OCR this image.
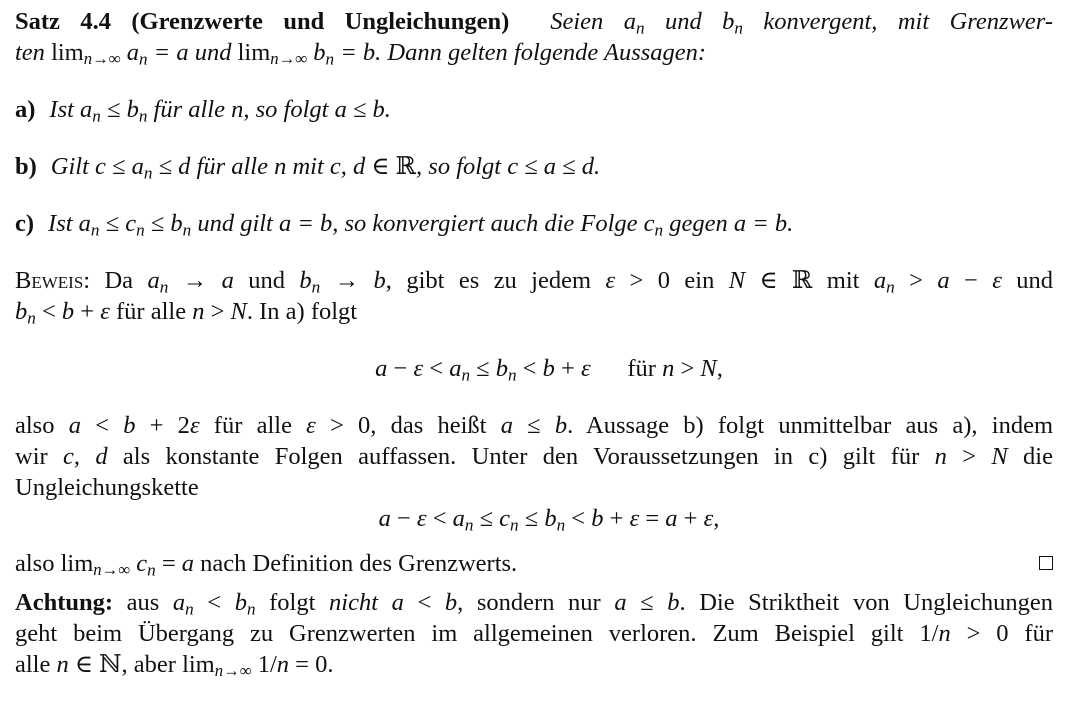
Satz 4.4 (Grenzwerte und Ungleichungen) Seien $a_n$ und $b_n$ konvergent, mit Grenzwer-
ten $\lim_{n\to\infty} a_n = a$ und $\lim_{n\to\infty} b_n = b$. Dann gelten folgende Aussagen:
a) Ist $a_n \le b_n$ für alle n, so folgt a ≤ b.
b) Gilt $c \le a_n \le d$ für alle n mit c, d ∈ ℝ, so folgt c ≤ a ≤ d.
c) Ist $a_n \le c_n \le b_n$ und gilt a = b, so konvergiert auch die Folge $c_n$ gegen a = b.
Beweis: Da $a_n \to a$ und $b_n \to b$, gibt es zu jedem ε > 0 ein N ∈ ℝ mit $a_n > a - \varepsilon$ und
$b_n < b + \varepsilon$ für alle n > N. In a) folgt
$a - \varepsilon < a_n \le b_n < b + \varepsilon$      für n > N,
also a < b + 2ε für alle ε > 0, das heißt a ≤ b. Aussage b) folgt unmittelbar aus a), indem
wir c, d als konstante Folgen auffassen. Unter den Voraussetzungen in c) gilt für n > N die
Ungleichungskette
$a - \varepsilon < a_n \le c_n \le b_n < b + \varepsilon = a + \varepsilon$,
also $\lim_{n\to\infty} c_n = a$ nach Definition des Grenzwerts.
Achtung: aus $a_n < b_n$ folgt nicht a < b, sondern nur a ≤ b. Die Striktheit von Ungleichungen
geht beim Übergang zu Grenzwerten im allgemeinen verloren. Zum Beispiel gilt 1/n > 0 für
alle n ∈ ℕ, aber $\lim_{n\to\infty} 1/n = 0$.
